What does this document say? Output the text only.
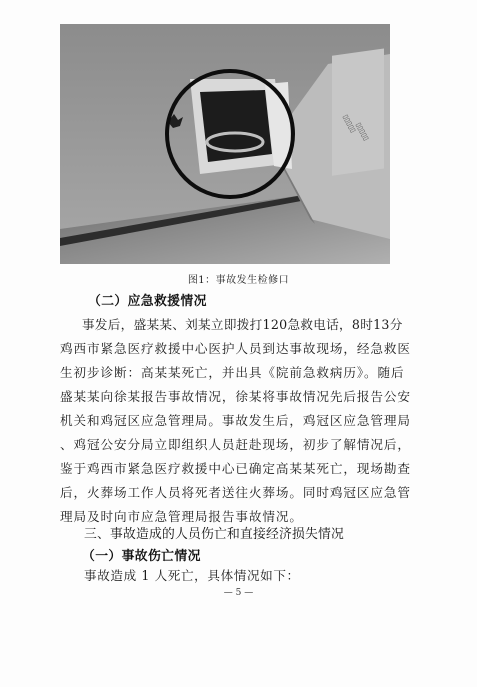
▯▯▯▯▯
▯▯▯▯▯
图1：事故发生检修口
（二）应急救援情况
事发后，盛某某、刘某立即拨打120急救电话，8时13分
鸡西市紧急医疗救援中心医护人员到达事故现场，经急救医
生初步诊断：高某某死亡，并出具《院前急救病历》。随后
盛某某向徐某报告事故情况，徐某将事故情况先后报告公安
机关和鸡冠区应急管理局。事故发生后，鸡冠区应急管理局
、鸡冠公安分局立即组织人员赶赴现场，初步了解情况后，
鉴于鸡西市紧急医疗救援中心已确定高某某死亡，现场勘查
后，火葬场工作人员将死者送往火葬场。同时鸡冠区应急管
理局及时向市应急管理局报告事故情况。
三、事故造成的人员伤亡和直接经济损失情况
（一）事故伤亡情况
事故造成 1 人死亡，具体情况如下：
— 5 —
